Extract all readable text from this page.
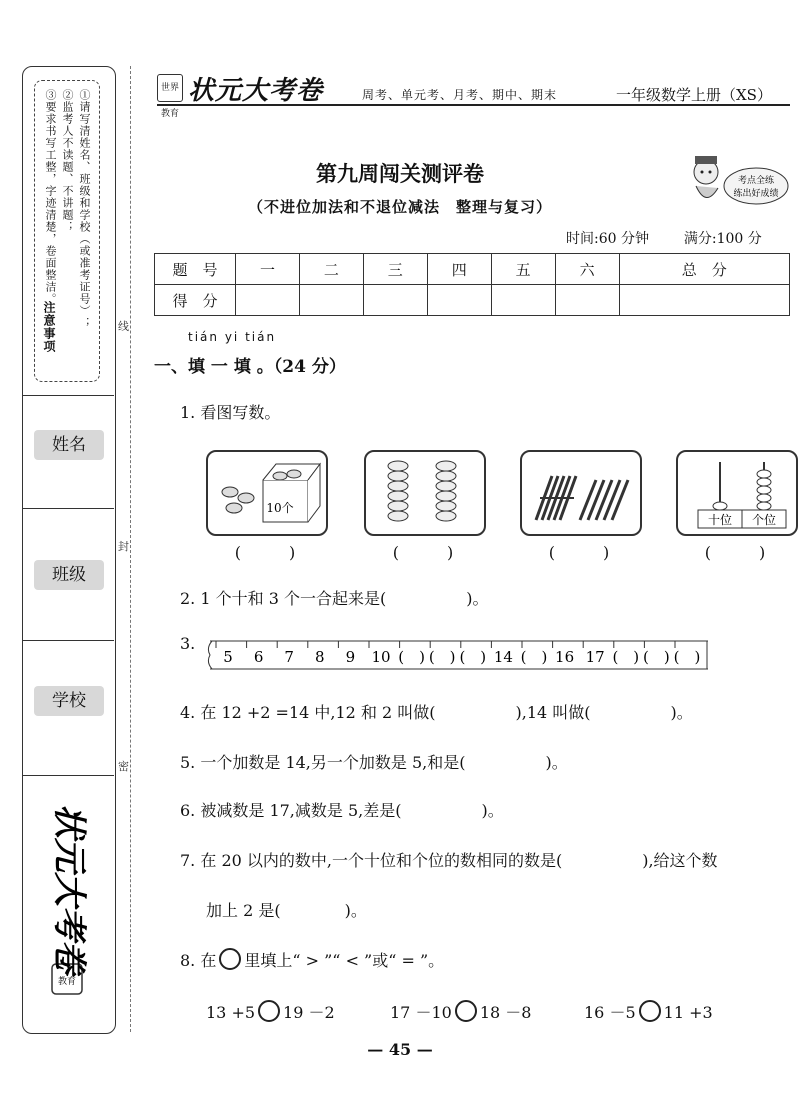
①请写清姓名、班级和学校（或准考证号）；
②监考人不读题、不讲题；
③要求书写工整，字迹清楚，卷面整洁。
注意事项
姓名
班级
学校
教育
状元大考卷
线
封
密
世界教育
状元大考卷	周考、单元考、月考、期中、期末	一年级数学上册（XS）
第九周闯关测评卷
（不进位加法和不退位减法　整理与复习）
考点全练
练出好成绩
时间:60 分钟 满分:100 分
题　号	一	二	三	四	五	六	总　分
得　分							
tián yi tián
一、填 一 填 。（24 分）
1. 看图写数。
10个
十位 个位
(　　　)	(　　　)	(　　　)	(　　　)
2. 1 个十和 3 个一合起来是(　　　　　)。
3.
5 6 7 8 9 10 (　) (　) (　) 14 (　) 16 17 (　) (　) (　)
4. 在 12 +2 =14 中,12 和 2 叫做(　　　　　),14 叫做(　　　　　)。
5. 一个加数是 14,另一个加数是 5,和是(　　　　　)。
6. 被减数是 17,减数是 5,差是(　　　　　)。
7. 在 20 以内的数中,一个十位和个位的数相同的数是(　　　　　),给这个数
加上 2 是(　　　　)。
8. 在 里填上“ > ”“ < ”或“ = ”。
13 +5 19 －2	17 －10 18 －8	16 －5 11 +3
— 45 —
